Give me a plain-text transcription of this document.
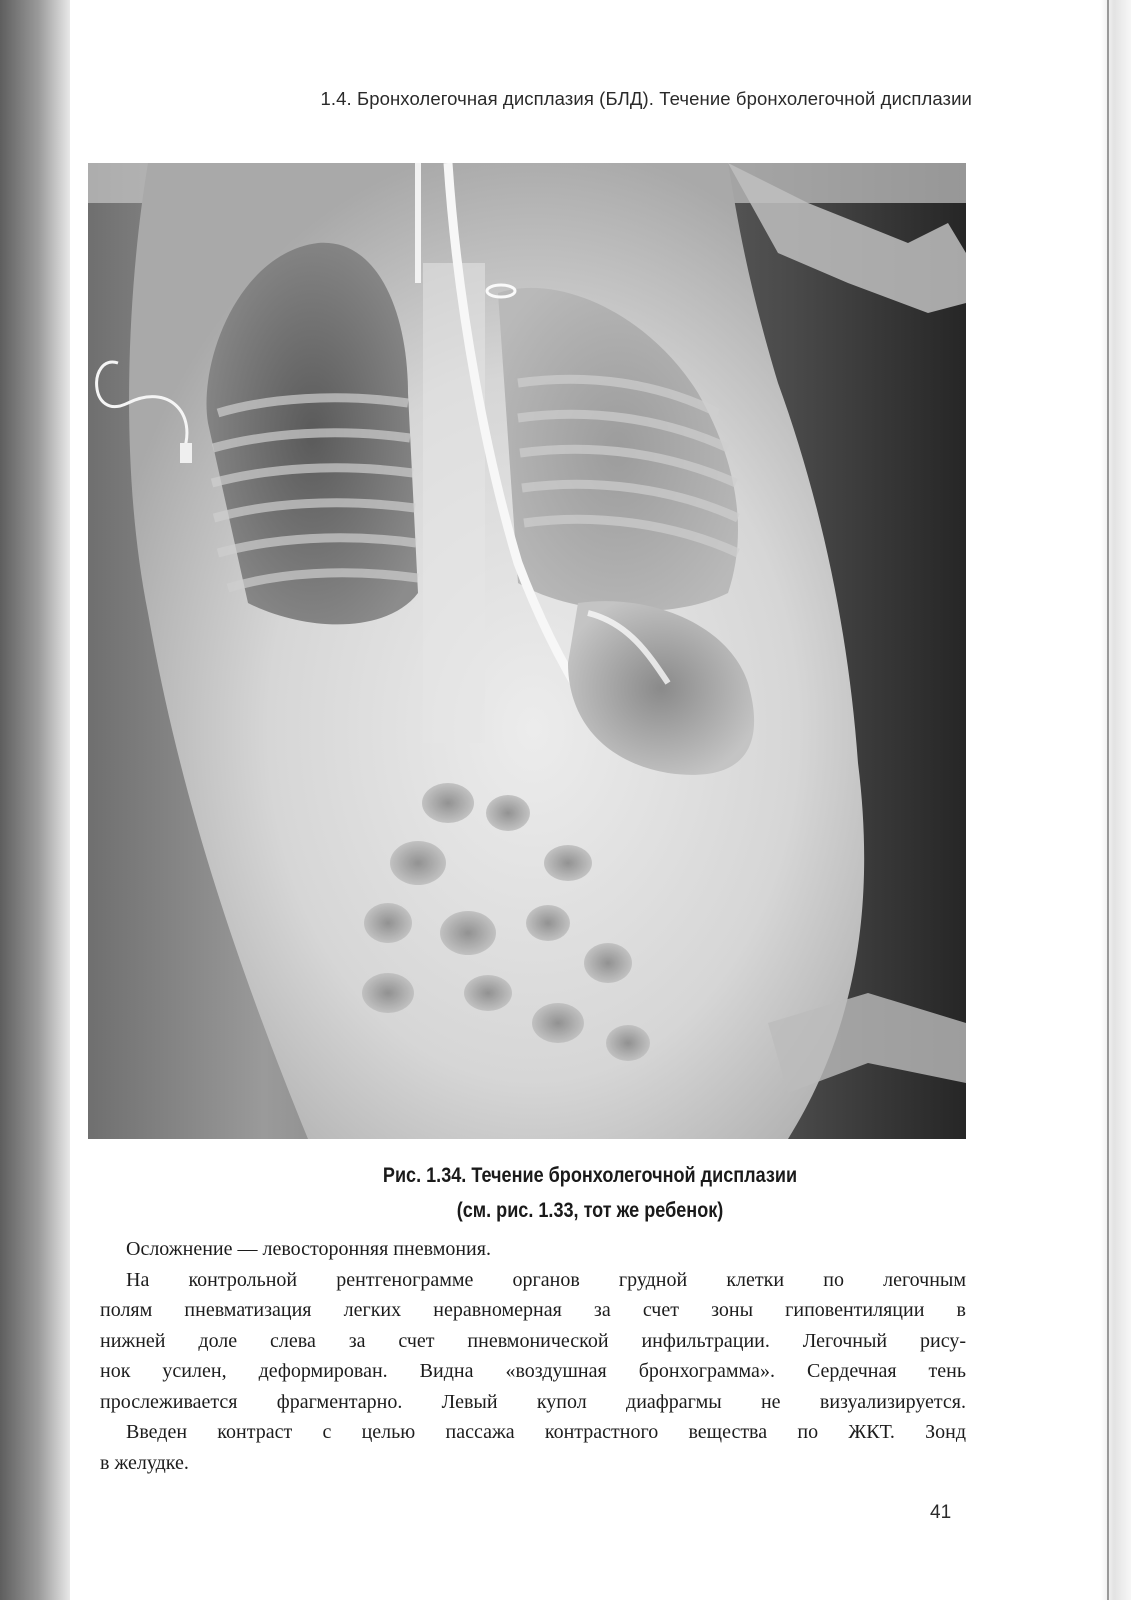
1.4. Бронхолегочная дисплазия (БЛД). Течение бронхолегочной дисплазии
Рис. 1.34. Течение бронхолегочной дисплазии
(см. рис. 1.33, тот же ребенок)

Осложнение — левосторонняя пневмония.

На контрольной рентгенограмме органов грудной клетки по легочным

полям пневматизация легких неравномерная за счет зоны гиповентиляции в

нижней доле слева за счет пневмонической инфильтрации. Легочный рису-

нок усилен, деформирован. Видна «воздушная бронхограмма». Сердечная тень

прослеживается фрагментарно. Левый купол диафрагмы не визуализируется.

Введен контраст с целью пассажа контрастного вещества по ЖКТ. Зонд

в желудке.

41
